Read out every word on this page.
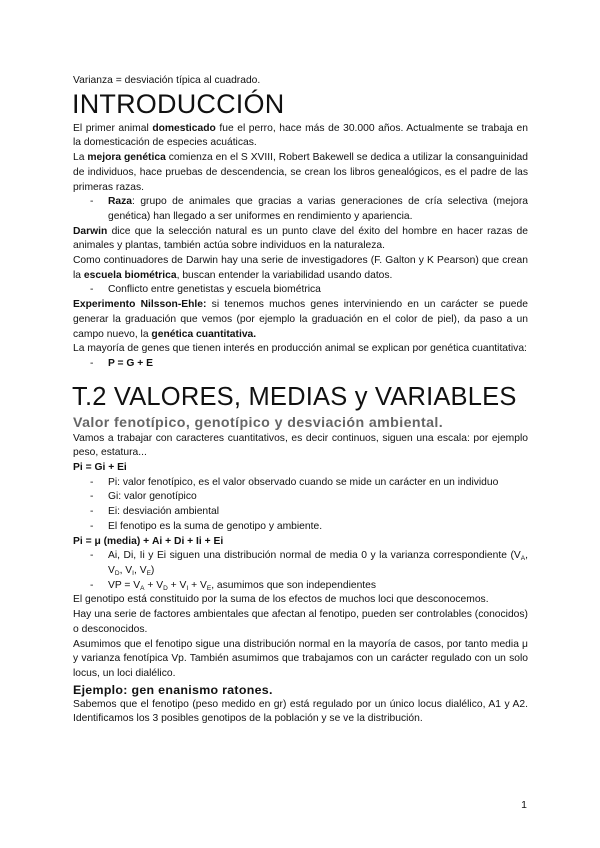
Varianza = desviación típica al cuadrado.

INTRODUCCIÓN

El primer animal domesticado fue el perro, hace más de 30.000 años. Actualmente se trabaja en la domesticación de especies acuáticas.

La mejora genética comienza en el S XVIII, Robert Bakewell se dedica a utilizar la consanguinidad de individuos, hace pruebas de descendencia, se crean los libros genealógicos, es el padre de las primeras razas.

- Raza: grupo de animales que gracias a varias generaciones de cría selectiva (mejora genética) han llegado a ser uniformes en rendimiento y apariencia.

Darwin dice que la selección natural es un punto clave del éxito del hombre en hacer razas de animales y plantas, también actúa sobre individuos en la naturaleza.

Como continuadores de Darwin hay una serie de investigadores (F. Galton y K Pearson) que crean la escuela biométrica, buscan entender la variabilidad usando datos.

- Conflicto entre genetistas y escuela biométrica

Experimento Nilsson-Ehle: si tenemos muchos genes interviniendo en un carácter se puede generar la graduación que vemos (por ejemplo la graduación en el color de piel), da paso a un campo nuevo, la genética cuantitativa.

La mayoría de genes que tienen interés en producción animal se explican por genética cuantitativa:

- P = G + E

T.2 VALORES, MEDIAS y VARIABLES
Valor fenotípico, genotípico y desviación ambiental.

Vamos a trabajar con caracteres cuantitativos, es decir continuos, siguen una escala: por ejemplo peso, estatura...

Pi = Gi + Ei

- Pi: valor fenotípico, es el valor observado cuando se mide un carácter en un individuo

- Gi: valor genotípico

- Ei: desviación ambiental

- El fenotipo es la suma de genotipo y ambiente.

Pi = μ (media) + Ai + Di + Ii + Ei

- Ai, Di, Ii y Ei siguen una distribución normal de media 0 y la varianza correspondiente ($V_A$, $V_D$, $V_I$, $V_E$)

- VP = $V_A + V_D + V_I + V_E$, asumimos que son independientes

El genotipo está constituido por la suma de los efectos de muchos loci que desconocemos.

Hay una serie de factores ambientales que afectan al fenotipo, pueden ser controlables (conocidos) o desconocidos.

Asumimos que el fenotipo sigue una distribución normal en la mayoría de casos, por tanto media μ y varianza fenotípica Vp. También asumimos que trabajamos con un carácter regulado con un solo locus, un loci dialélico.

Ejemplo: gen enanismo ratones.

Sabemos que el fenotipo (peso medido en gr) está regulado por un único locus dialélico, A1 y A2. Identificamos los 3 posibles genotipos de la población y se ve la distribución.

1
